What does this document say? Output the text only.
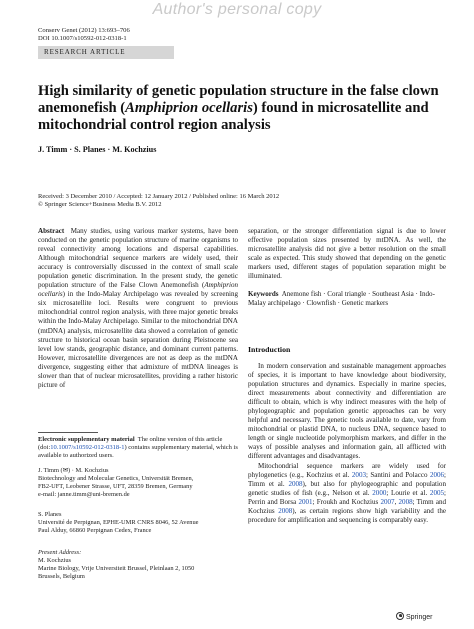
Author's personal copy
Conserv Genet (2012) 13:693–706
DOI 10.1007/s10592-012-0318-1
RESEARCH ARTICLE
High similarity of genetic population structure in the false clown anemonefish (Amphiprion ocellaris) found in microsatellite and mitochondrial control region analysis
J. Timm · S. Planes · M. Kochzius
Received: 3 December 2010 / Accepted: 12 January 2012 / Published online: 16 March 2012
© Springer Science+Business Media B.V. 2012

Abstract Many studies, using various marker systems, have been conducted on the genetic population structure of marine organisms to reveal connectivity among locations and dispersal capabilities. Although mitochondrial sequence markers are widely used, their accuracy is controversially discussed in the context of small scale population genetic discrimination. In the present study, the genetic population structure of the False Clown Anemonefish (Amphiprion ocellaris) in the Indo-Malay Archipelago was revealed by screening six microsatellite loci. Results were congruent to previous mitochondrial control region analysis, with three major genetic breaks within the Indo-Malay Archipelago. Similar to the mitochondrial DNA (mtDNA) analysis, microsatellite data showed a correlation of genetic structure to historical ocean basin separation during Pleistocene sea level low stands, geographic distance, and dominant current patterns. However, microsatellite divergences are not as deep as the mtDNA divergence, suggesting either that admixture of mtDNA lineages is slower than that of nuclear microsatellites, providing a rather historic picture of

Electronic supplementary material The online version of this article (doi:10.1007/s10592-012-0318-1) contains supplementary material, which is available to authorized users.
J. Timm (✉) · M. Kochzius
Biotechnology and Molecular Genetics, Universität Bremen,
FB2-UFT, Leobener Strasse, UFT, 28359 Bremen, Germany
e-mail: janne.timm@uni-bremen.de
S. Planes
Université de Perpignan, EPHE-UMR CNRS 8046, 52 Avenue
Paul Alduy, 66860 Perpignan Cedex, France
Present Address:
M. Kochzius
Marine Biology, Vrije Universiteit Brussel, Pleinlaan 2, 1050
Brussels, Belgium

separation, or the stronger differentiation signal is due to lower effective population sizes presented by mtDNA. As well, the microsatellite analysis did not give a better resolution on the small scale as expected. This study showed that depending on the genetic markers used, different stages of population separation might be illuminated.

Keywords Anemone fish · Coral triangle · Southeast Asia · Indo-Malay archipelago · Clownfish · Genetic markers

Introduction

In modern conservation and sustainable management approaches of species, it is important to have knowledge about biodiversity, population structures and dynamics. Especially in marine species, direct measurements about connectivity and differentiation are difficult to obtain, which is why indirect measures with the help of phylogeographic and population genetic approaches can be very helpful and necessary. The genetic tools available to date, vary from mitochondrial or plastid DNA, to nucleus DNA, sequence based to length or single nucleotide polymorphism markers, and differ in the ways of possible analyses and information gain, all afflicted with different advantages and disadvantages.

Mitochondrial sequence markers are widely used for phylogenetics (e.g., Kochzius et al. 2003; Santini and Polacco 2006; Timm et al. 2008), but also for phylogeographic and population genetic studies of fish (e.g., Nelson et al. 2000; Lourie et al. 2005; Perrin and Borsa 2001; Froukh and Kochzius 2007, 2008; Timm and Kochzius 2008), as certain regions show high variability and the procedure for amplification and sequencing is comparably easy.

Springer
